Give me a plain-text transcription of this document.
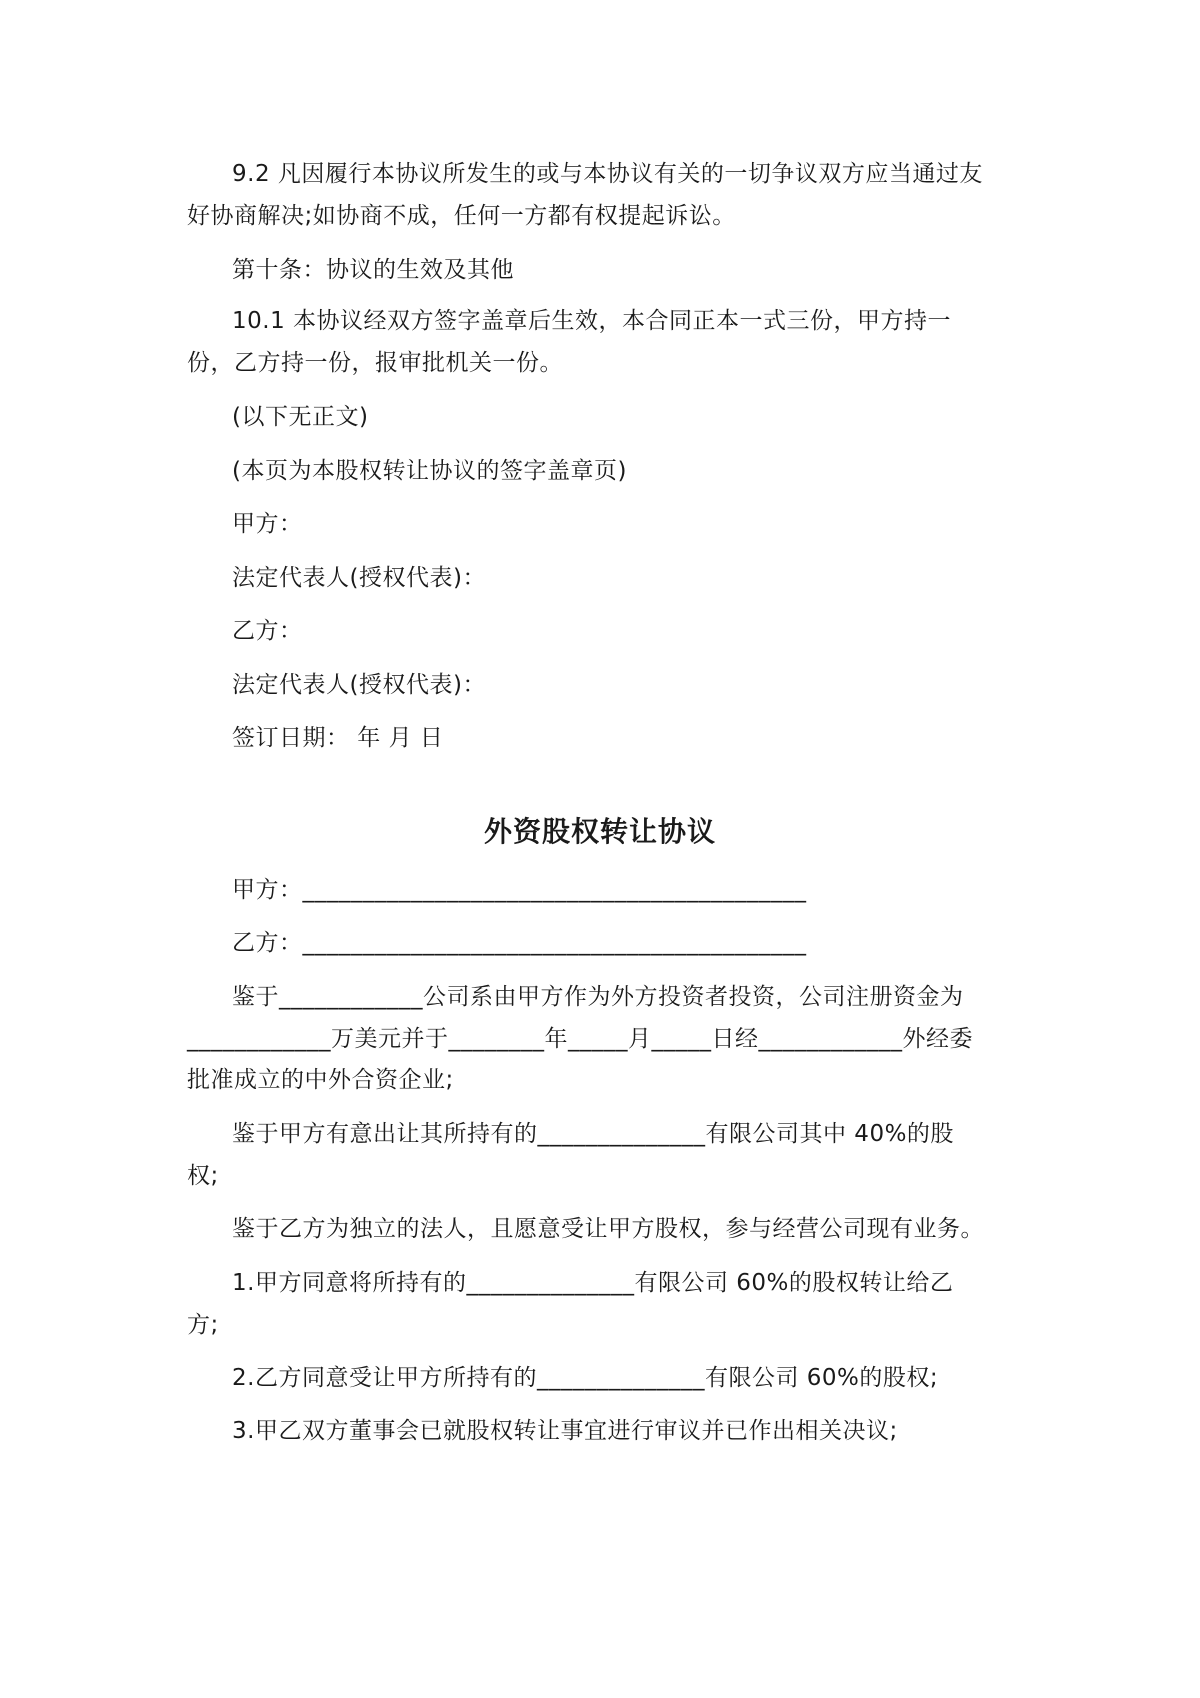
9.2 凡因履行本协议所发生的或与本协议有关的一切争议双方应当通过友
好协商解决;如协商不成，任何一方都有权提起诉讼。
第十条：协议的生效及其他
10.1 本协议经双方签字盖章后生效，本合同正本一式三份，甲方持一
份，乙方持一份，报审批机关一份。
(以下无正文)
(本页为本股权转让协议的签字盖章页)
甲方：
法定代表人(授权代表)：
乙方：
法定代表人(授权代表)：
签订日期： 年 月 日
外资股权转让协议
甲方：__________________________________________
乙方：__________________________________________
鉴于____________公司系由甲方作为外方投资者投资，公司注册资金为
____________万美元并于________年_____月_____日经____________外经委
批准成立的中外合资企业;
鉴于甲方有意出让其所持有的______________有限公司其中 40%的股
权;
鉴于乙方为独立的法人，且愿意受让甲方股权，参与经营公司现有业务。
1.甲方同意将所持有的______________有限公司 60%的股权转让给乙
方;
2.乙方同意受让甲方所持有的______________有限公司 60%的股权;
3.甲乙双方董事会已就股权转让事宜进行审议并已作出相关决议;
